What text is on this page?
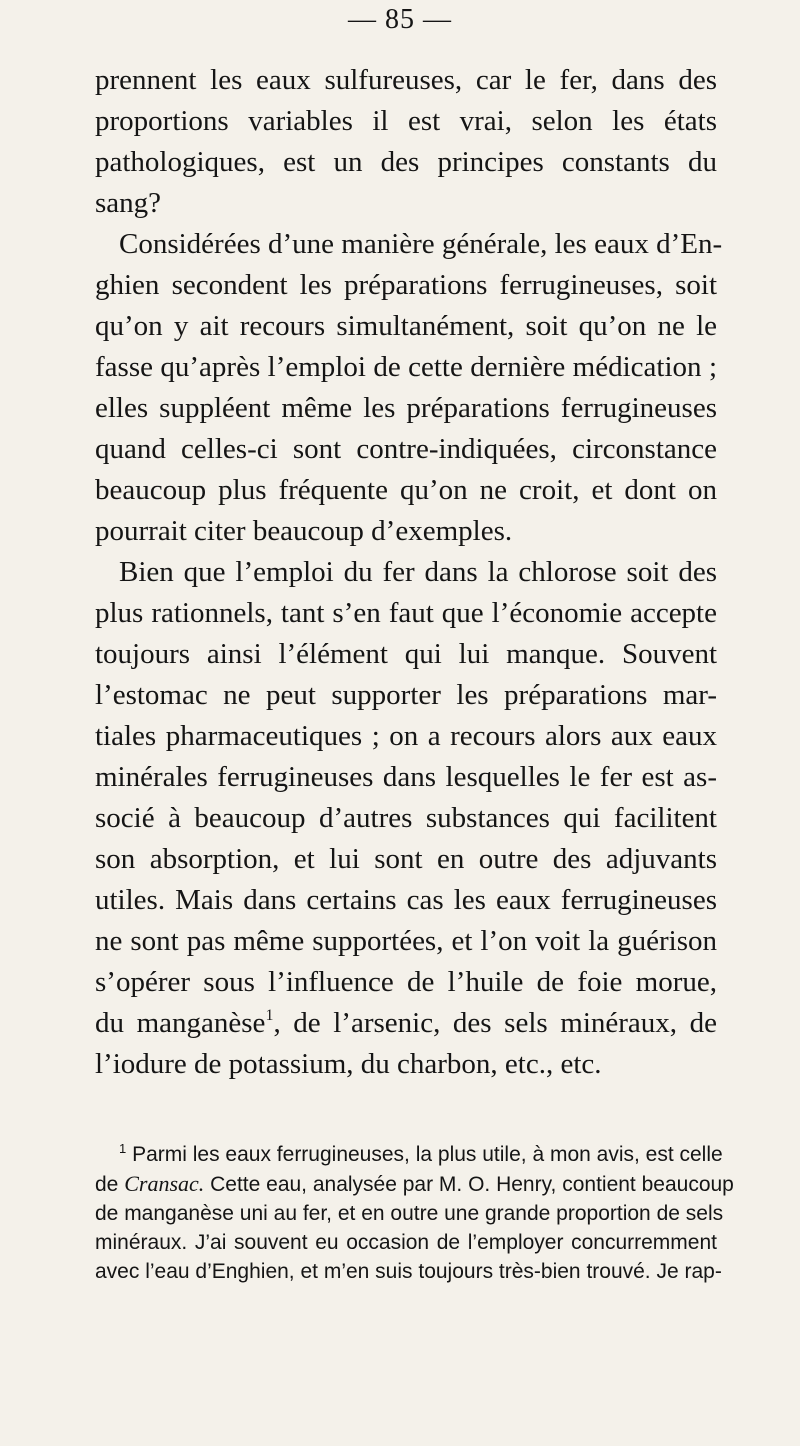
— 85 —
prennent les eaux sulfureuses, car le fer, dans des
proportions variables il est vrai, selon les états
pathologiques, est un des principes constants du
sang?
Considérées d’une manière générale, les eaux d’En-
ghien secondent les préparations ferrugineuses, soit
qu’on y ait recours simultanément, soit qu’on ne le
fasse qu’après l’emploi de cette dernière médication ;
elles suppléent même les préparations ferrugineuses
quand celles-ci sont contre-indiquées, circonstance
beaucoup plus fréquente qu’on ne croit, et dont on
pourrait citer beaucoup d’exemples.
Bien que l’emploi du fer dans la chlorose soit des
plus rationnels, tant s’en faut que l’économie accepte
toujours ainsi l’élément qui lui manque. Souvent
l’estomac ne peut supporter les préparations mar-
tiales pharmaceutiques ; on a recours alors aux eaux
minérales ferrugineuses dans lesquelles le fer est as-
socié à beaucoup d’autres substances qui facilitent
son absorption, et lui sont en outre des adjuvants
utiles. Mais dans certains cas les eaux ferrugineuses
ne sont pas même supportées, et l’on voit la guérison
s’opérer sous l’influence de l’huile de foie morue,
du manganèse$^1$, de l’arsenic, des sels minéraux, de
l’iodure de potassium, du charbon, etc., etc.
$^1$ Parmi les eaux ferrugineuses, la plus utile, à mon avis, est celle
de Cransac. Cette eau, analysée par M. O. Henry, contient beaucoup
de manganèse uni au fer, et en outre une grande proportion de sels
minéraux. J’ai souvent eu occasion de l’employer concurremment
avec l’eau d’Enghien, et m’en suis toujours très-bien trouvé. Je rap-
